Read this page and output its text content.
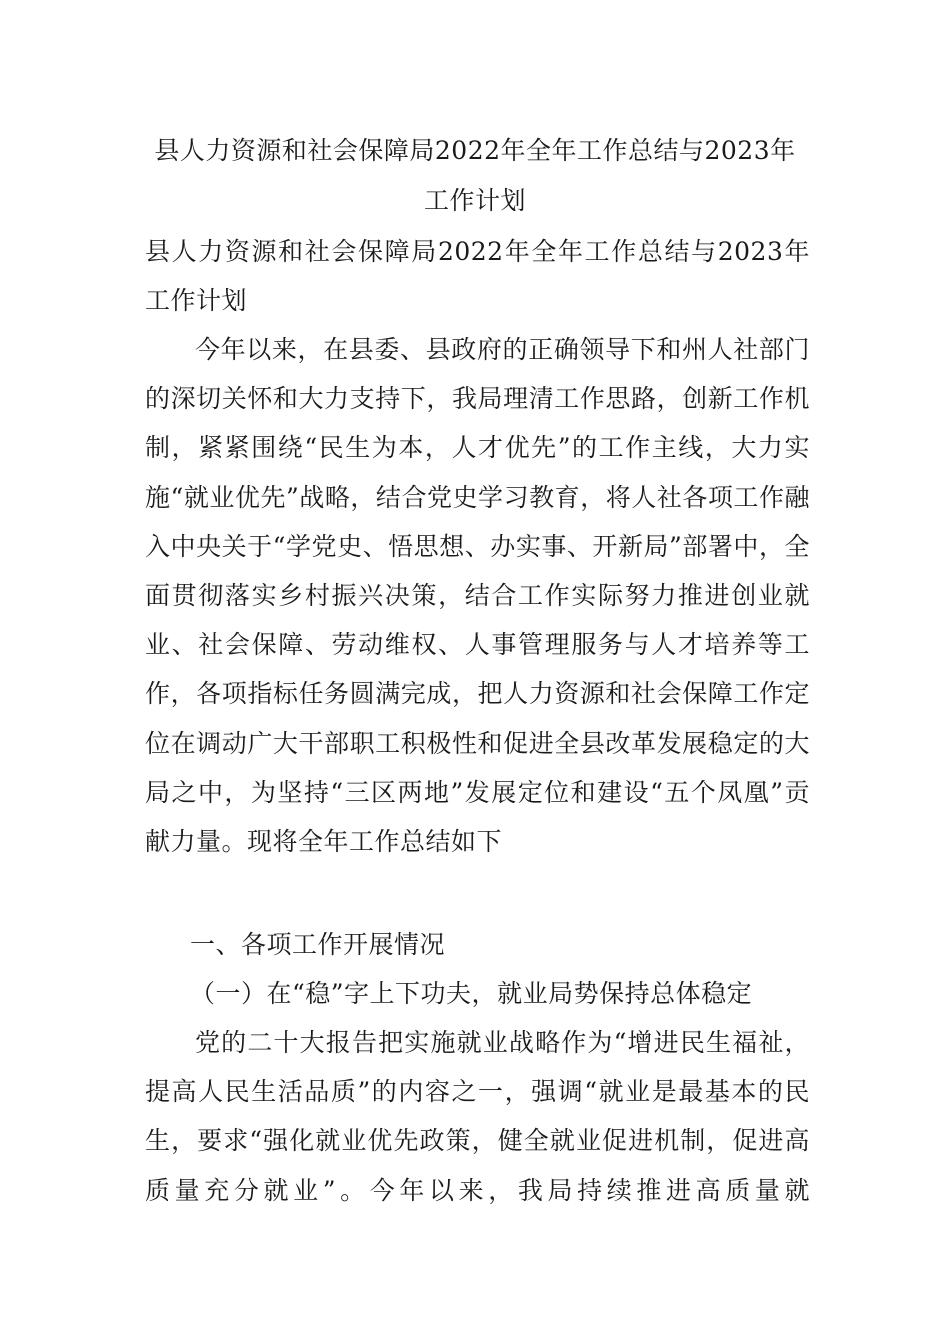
县人力资源和社会保障局2022年全年工作总结与2023年
工作计划

县人力资源和社会保障局2022年全年工作总结与2023年工作计划

今年以来，在县委、县政府的正确领导下和州人社部门的深切关怀和大力支持下，我局理清工作思路，创新工作机制，紧紧围绕“民生为本，人才优先”的工作主线，大力实施“就业优先”战略，结合党史学习教育，将人社各项工作融入中央关于“学党史、悟思想、办实事、开新局”部署中，全面贯彻落实乡村振兴决策，结合工作实际努力推进创业就业、社会保障、劳动维权、人事管理服务与人才培养等工作，各项指标任务圆满完成，把人力资源和社会保障工作定位在调动广大干部职工积极性和促进全县改革发展稳定的大局之中，为坚持“三区两地”发展定位和建设“五个凤凰”贡献力量。现将全年工作总结如下

一、各项工作开展情况
（一）在“稳”字上下功夫，就业局势保持总体稳定

党的二十大报告把实施就业战略作为“增进民生福祉，提高人民生活品质”的内容之一，强调“就业是最基本的民生，要求“强化就业优先政策，健全就业促进机制，促进高质量充分就业”。今年以来，我局持续推进高质量就
